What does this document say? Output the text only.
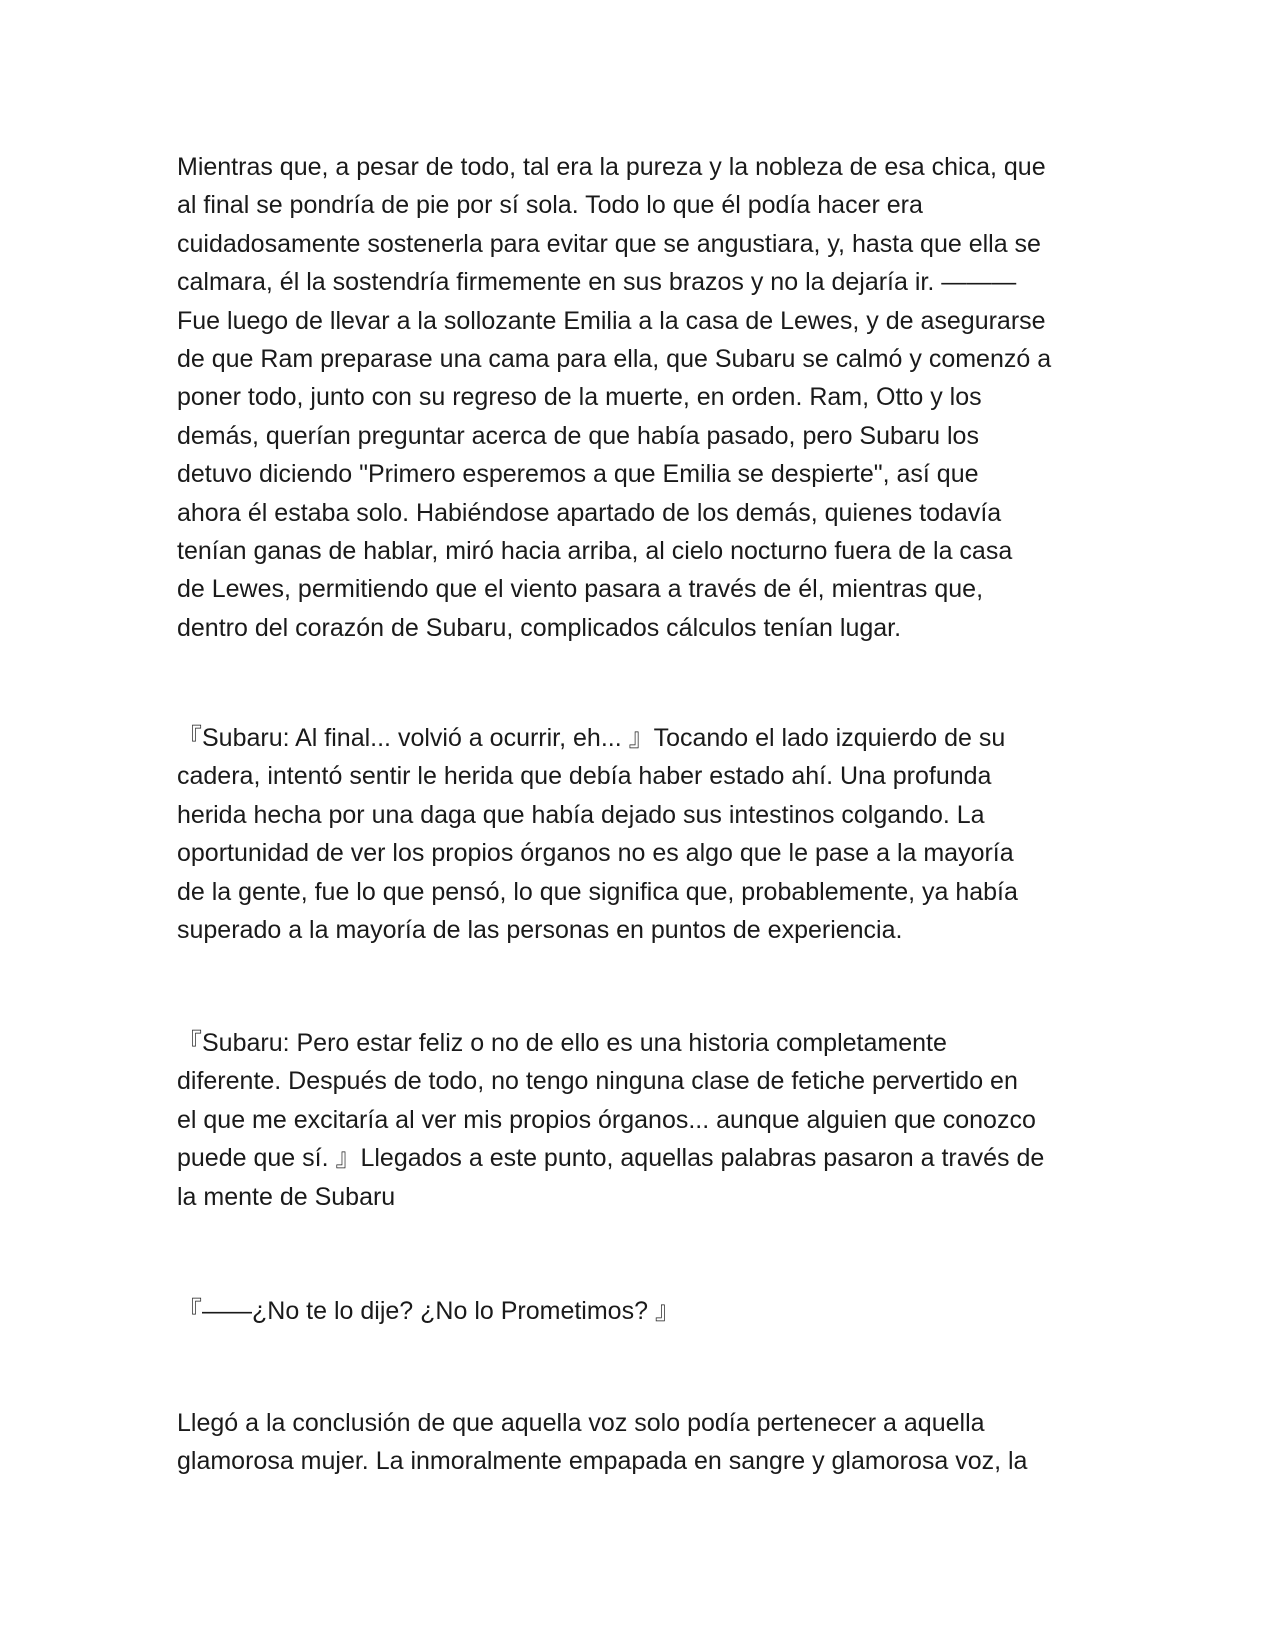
Mientras que, a pesar de todo, tal era la pureza y la nobleza de esa chica, que
al final se pondría de pie por sí sola. Todo lo que él podía hacer era
cuidadosamente sostenerla para evitar que se angustiara, y, hasta que ella se
calmara, él la sostendría firmemente en sus brazos y no la dejaría ir. ———
Fue luego de llevar a la sollozante Emilia a la casa de Lewes, y de asegurarse
de que Ram preparase una cama para ella, que Subaru se calmó y comenzó a
poner todo, junto con su regreso de la muerte, en orden. Ram, Otto y los
demás, querían preguntar acerca de que había pasado, pero Subaru los
detuvo diciendo "Primero esperemos a que Emilia se despierte", así que
ahora él estaba solo. Habiéndose apartado de los demás, quienes todavía
tenían ganas de hablar, miró hacia arriba, al cielo nocturno fuera de la casa
de Lewes, permitiendo que el viento pasara a través de él, mientras que,
dentro del corazón de Subaru, complicados cálculos tenían lugar.
『Subaru: Al final... volvió a ocurrir, eh... 』Tocando el lado izquierdo de su
cadera, intentó sentir le herida que debía haber estado ahí. Una profunda
herida hecha por una daga que había dejado sus intestinos colgando. La
oportunidad de ver los propios órganos no es algo que le pase a la mayoría
de la gente, fue lo que pensó, lo que significa que, probablemente, ya había
superado a la mayoría de las personas en puntos de experiencia.
『Subaru: Pero estar feliz o no de ello es una historia completamente
diferente. Después de todo, no tengo ninguna clase de fetiche pervertido en
el que me excitaría al ver mis propios órganos... aunque alguien que conozco
puede que sí. 』Llegados a este punto, aquellas palabras pasaron a través de
la mente de Subaru
『——¿No te lo dije? ¿No lo Prometimos? 』
Llegó a la conclusión de que aquella voz solo podía pertenecer a aquella
glamorosa mujer. La inmoralmente empapada en sangre y glamorosa voz, la
